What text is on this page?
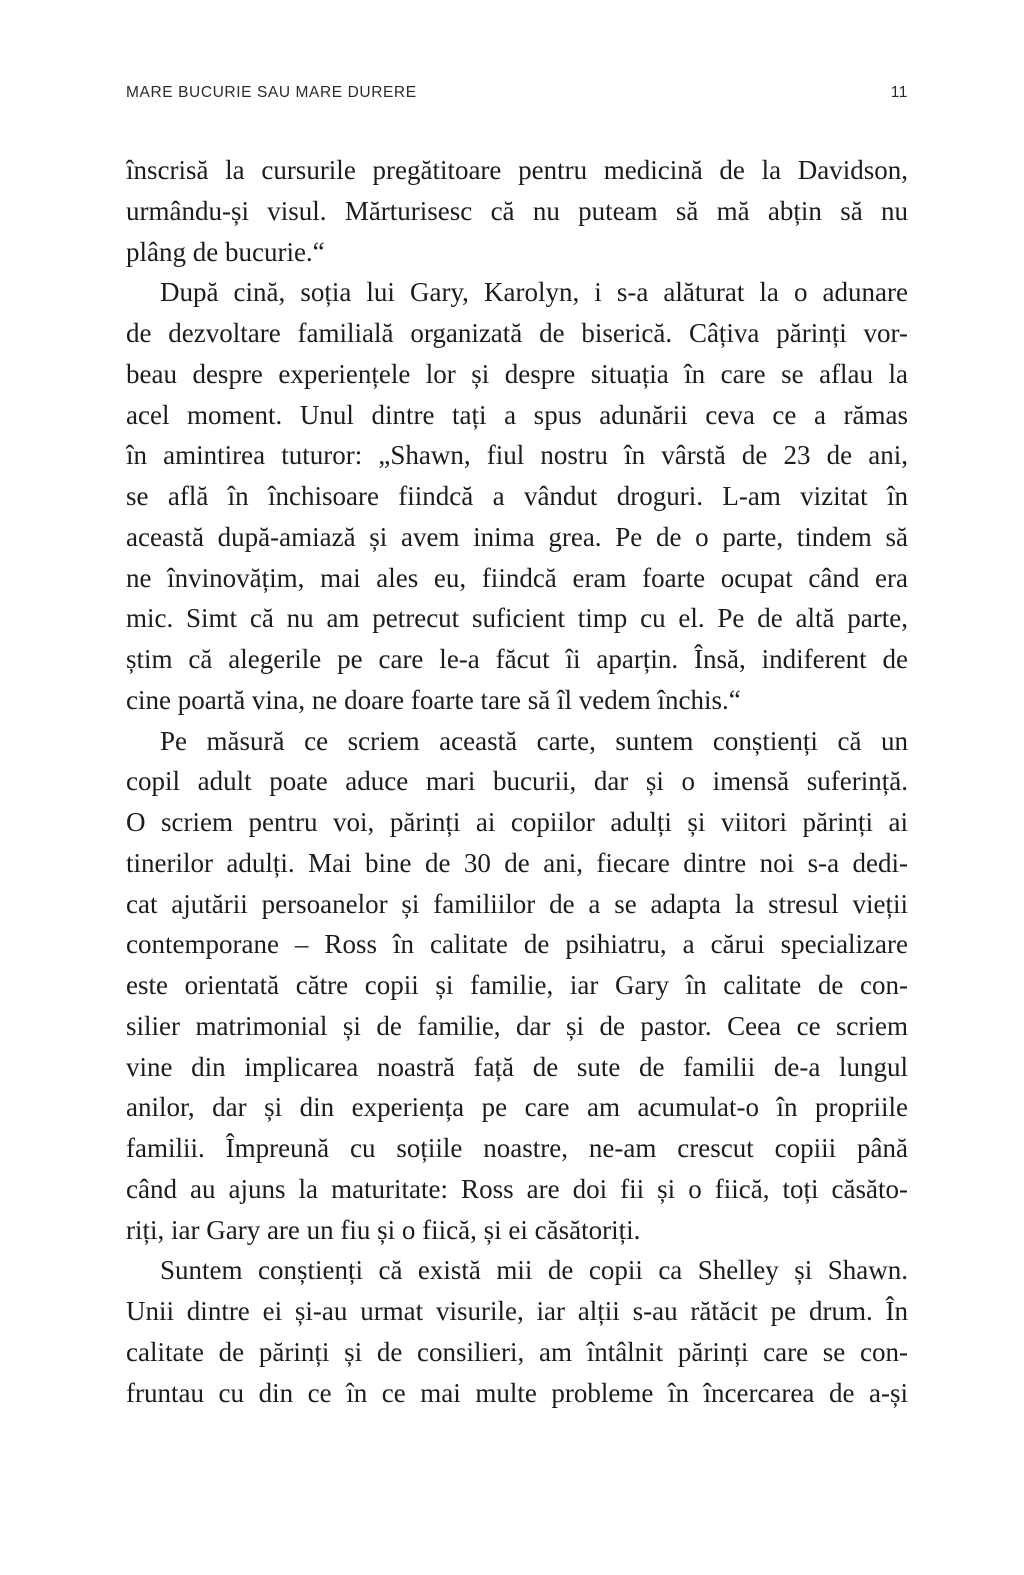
MARE BUCURIE SAU MARE DURERE	11

înscrisă la cursurile pregătitoare pentru medicină de la Davidson,
urmându-și visul. Mărturisesc că nu puteam să mă abțin să nu
plâng de bucurie.“

După cină, soția lui Gary, Karolyn, i s-a alăturat la o adunare
de dezvoltare familială organizată de biserică. Câțiva părinți vor-
beau despre experiențele lor și despre situația în care se aflau la
acel moment. Unul dintre tați a spus adunării ceva ce a rămas
în amintirea tuturor: „Shawn, fiul nostru în vârstă de 23 de ani,
se află în închisoare fiindcă a vândut droguri. L-am vizitat în
această după-amiază și avem inima grea. Pe de o parte, tindem să
ne învinovățim, mai ales eu, fiindcă eram foarte ocupat când era
mic. Simt că nu am petrecut suficient timp cu el. Pe de altă parte,
știm că alegerile pe care le-a făcut îi aparțin. Însă, indiferent de
cine poartă vina, ne doare foarte tare să îl vedem închis.“

Pe măsură ce scriem această carte, suntem conștienți că un
copil adult poate aduce mari bucurii, dar și o imensă suferință.
O scriem pentru voi, părinți ai copiilor adulți și viitori părinți ai
tinerilor adulți. Mai bine de 30 de ani, fiecare dintre noi s-a dedi-
cat ajutării persoanelor și familiilor de a se adapta la stresul vieții
contemporane – Ross în calitate de psihiatru, a cărui specializare
este orientată către copii și familie, iar Gary în calitate de con-
silier matrimonial și de familie, dar și de pastor. Ceea ce scriem
vine din implicarea noastră față de sute de familii de-a lungul
anilor, dar și din experiența pe care am acumulat-o în propriile
familii. Împreună cu soțiile noastre, ne-am crescut copiii până
când au ajuns la maturitate: Ross are doi fii și o fiică, toți căsăto-
riți, iar Gary are un fiu și o fiică, și ei căsătoriți.

Suntem conștienți că există mii de copii ca Shelley și Shawn.
Unii dintre ei și-au urmat visurile, iar alții s-au rătăcit pe drum. În
calitate de părinți și de consilieri, am întâlnit părinți care se con-
fruntau cu din ce în ce mai multe probleme în încercarea de a-și
